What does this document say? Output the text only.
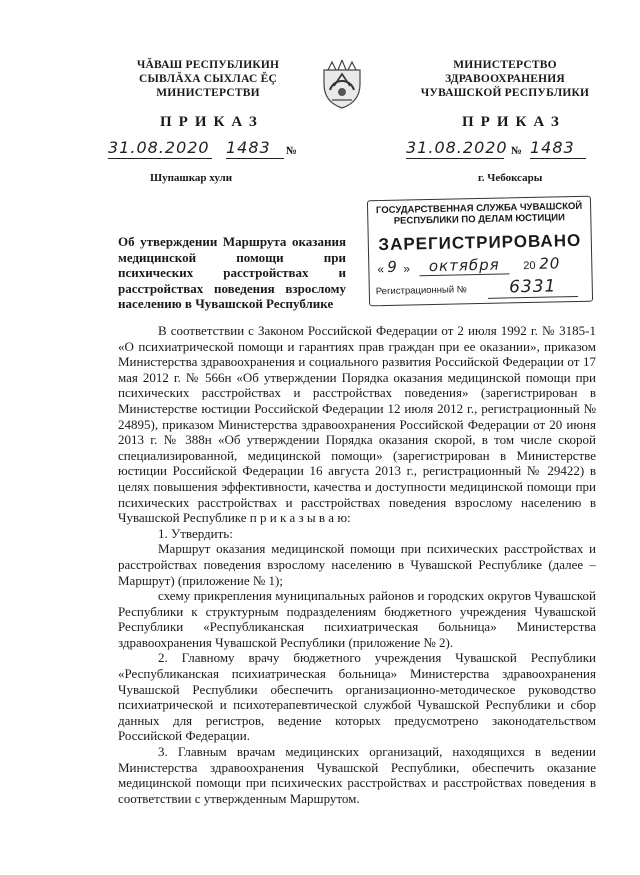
ЧĂВАШ РЕСПУБЛИКИН
СЫВЛĂХА СЫХЛАС ĔÇ
МИНИСТЕРСТВИ
МИНИСТЕРСТВО
ЗДРАВООХРАНЕНИЯ
ЧУВАШСКОЙ РЕСПУБЛИКИ
ПРИКАЗ	ПРИКАЗ
31.08.2020 1483	№	31.08.2020 № 1483
Шупашкар хули	г. Чебоксары
ГОСУДАРСТВЕННАЯ СЛУЖБА ЧУВАШСКОЙ
РЕСПУБЛИКИ ПО ДЕЛАМ ЮСТИЦИИ
ЗАРЕГИСТРИРОВАНО
« 9 »	октября	20 20
Регистрационный №	6331
Об утверждении Маршрута оказания медицинской помощи при психических расстройствах и расстройствах поведения взрослому населению в Чувашской Республике

В соответствии с Законом Российской Федерации от 2 июля 1992 г. № 3185-1 «О психиатрической помощи и гарантиях прав граждан при ее оказании», приказом Министерства здравоохранения и социального развития Российской Федерации от 17 мая 2012 г. № 566н «Об утверждении Порядка оказания медицинской помощи при психических расстройствах и расстройствах поведения» (зарегистрирован в Министерстве юстиции Российской Федерации 12 июля 2012 г., регистрационный № 24895), приказом Министерства здравоохранения Российской Федерации от 20 июня 2013 г. № 388н «Об утверждении Порядка оказания скорой, в том числе скорой специализированной, медицинской помощи» (зарегистрирован в Министерстве юстиции Российской Федерации 16 августа 2013 г., регистрационный № 29422) в целях повышения эффективности, качества и доступности медицинской помощи при психических расстройствах и расстройствах поведения взрослому населению в Чувашской Республике п р и к а з ы в а ю:

1. Утвердить:

Маршрут оказания медицинской помощи при психических расстройствах и расстройствах поведения взрослому населению в Чувашской Республике (далее – Маршрут) (приложение № 1);

схему прикрепления муниципальных районов и городских округов Чувашской Республики к структурным подразделениям бюджетного учреждения Чувашской Республики «Республиканская психиатрическая больница» Министерства здравоохранения Чувашской Республики (приложение № 2).

2. Главному врачу бюджетного учреждения Чувашской Республики «Республиканская психиатрическая больница» Министерства здравоохранения Чувашской Республики обеспечить организационно-методическое руководство психиатрической и психотерапевтической службой Чувашской Республики и сбор данных для регистров, ведение которых предусмотрено законодательством Российской Федерации.

3. Главным врачам медицинских организаций, находящихся в ведении Министерства здравоохранения Чувашской Республики, обеспечить оказание медицинской помощи при психических расстройствах и расстройствах поведения в соответствии с утвержденным Маршрутом.
